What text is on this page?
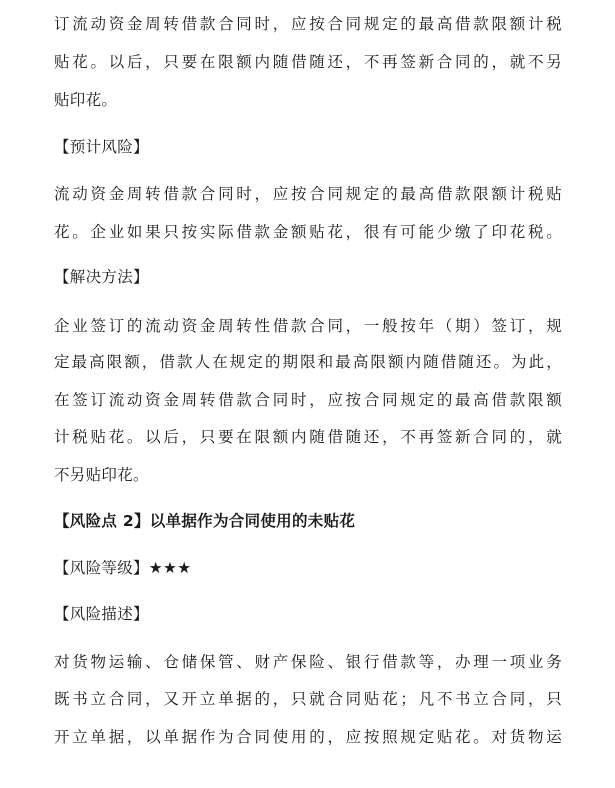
订流动资金周转借款合同时，应按合同规定的最高借款限额计税
贴花。以后，只要在限额内随借随还，不再签新合同的，就不另
贴印花。
【预计风险】
流动资金周转借款合同时，应按合同规定的最高借款限额计税贴
花。企业如果只按实际借款金额贴花，很有可能少缴了印花税。
【解决方法】
企业签订的流动资金周转性借款合同，一般按年（期）签订，规
定最高限额，借款人在规定的期限和最高限额内随借随还。为此，
在签订流动资金周转借款合同时，应按合同规定的最高借款限额
计税贴花。以后，只要在限额内随借随还，不再签新合同的，就
不另贴印花。
【风险点 2】以单据作为合同使用的未贴花
【风险等级】★★★
【风险描述】
对货物运输、仓储保管、财产保险、银行借款等，办理一项业务
既书立合同，又开立单据的，只就合同贴花；凡不书立合同，只
开立单据，以单据作为合同使用的，应按照规定贴花。对货物运
